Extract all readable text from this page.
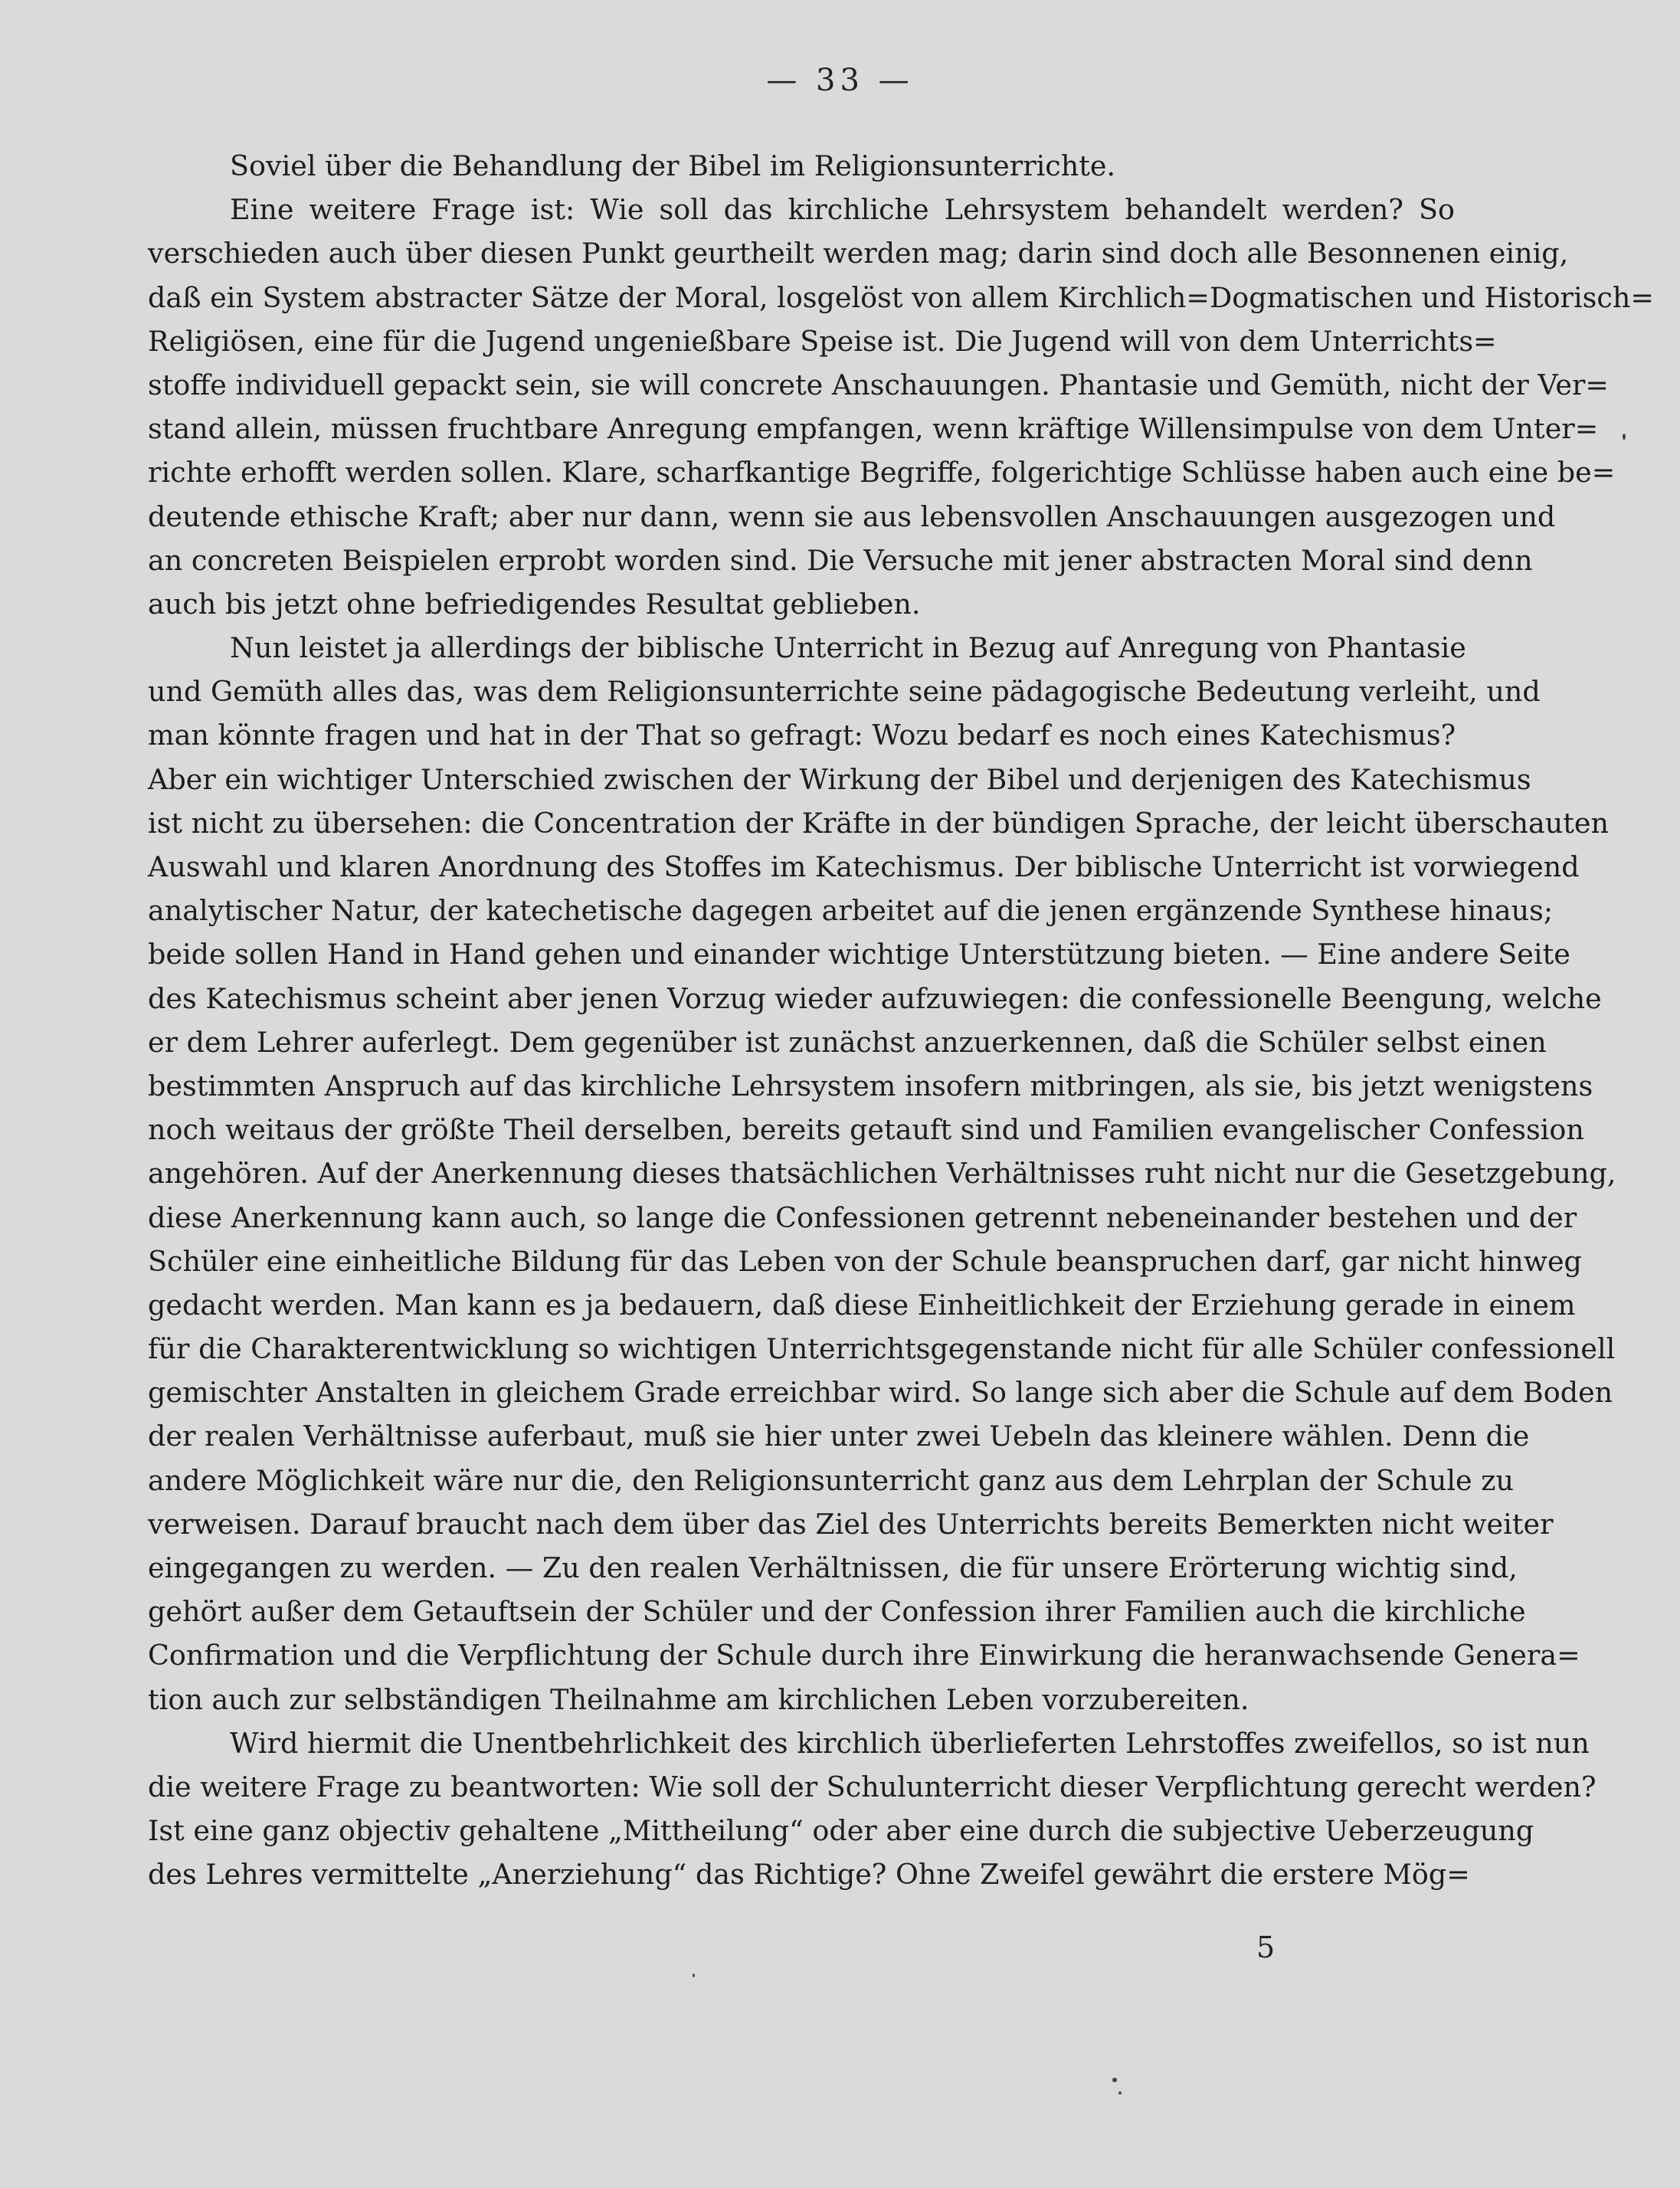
— 33 —
Soviel über die Behandlung der Bibel im Religionsunterrichte.
Eine weitere Frage ist: Wie soll das kirchliche Lehrsystem behandelt werden? So
verschieden auch über diesen Punkt geurtheilt werden mag; darin sind doch alle Besonnenen einig,
daß ein System abstracter Sätze der Moral, losgelöst von allem Kirchlich=Dogmatischen und Historisch=
Religiösen, eine für die Jugend ungenießbare Speise ist. Die Jugend will von dem Unterrichts=
stoffe individuell gepackt sein, sie will concrete Anschauungen. Phantasie und Gemüth, nicht der Ver=
stand allein, müssen fruchtbare Anregung empfangen, wenn kräftige Willensimpulse von dem Unter=
richte erhofft werden sollen. Klare, scharfkantige Begriffe, folgerichtige Schlüsse haben auch eine be=
deutende ethische Kraft; aber nur dann, wenn sie aus lebensvollen Anschauungen ausgezogen und
an concreten Beispielen erprobt worden sind. Die Versuche mit jener abstracten Moral sind denn
auch bis jetzt ohne befriedigendes Resultat geblieben.
Nun leistet ja allerdings der biblische Unterricht in Bezug auf Anregung von Phantasie
und Gemüth alles das, was dem Religionsunterrichte seine pädagogische Bedeutung verleiht, und
man könnte fragen und hat in der That so gefragt: Wozu bedarf es noch eines Katechismus?
Aber ein wichtiger Unterschied zwischen der Wirkung der Bibel und derjenigen des Katechismus
ist nicht zu übersehen: die Concentration der Kräfte in der bündigen Sprache, der leicht überschauten
Auswahl und klaren Anordnung des Stoffes im Katechismus. Der biblische Unterricht ist vorwiegend
analytischer Natur, der katechetische dagegen arbeitet auf die jenen ergänzende Synthese hinaus;
beide sollen Hand in Hand gehen und einander wichtige Unterstützung bieten. — Eine andere Seite
des Katechismus scheint aber jenen Vorzug wieder aufzuwiegen: die confessionelle Beengung, welche
er dem Lehrer auferlegt. Dem gegenüber ist zunächst anzuerkennen, daß die Schüler selbst einen
bestimmten Anspruch auf das kirchliche Lehrsystem insofern mitbringen, als sie, bis jetzt wenigstens
noch weitaus der größte Theil derselben, bereits getauft sind und Familien evangelischer Confession
angehören. Auf der Anerkennung dieses thatsächlichen Verhältnisses ruht nicht nur die Gesetzgebung,
diese Anerkennung kann auch, so lange die Confessionen getrennt nebeneinander bestehen und der
Schüler eine einheitliche Bildung für das Leben von der Schule beanspruchen darf, gar nicht hinweg
gedacht werden. Man kann es ja bedauern, daß diese Einheitlichkeit der Erziehung gerade in einem
für die Charakterentwicklung so wichtigen Unterrichtsgegenstande nicht für alle Schüler confessionell
gemischter Anstalten in gleichem Grade erreichbar wird. So lange sich aber die Schule auf dem Boden
der realen Verhältnisse auferbaut, muß sie hier unter zwei Uebeln das kleinere wählen. Denn die
andere Möglichkeit wäre nur die, den Religionsunterricht ganz aus dem Lehrplan der Schule zu
verweisen. Darauf braucht nach dem über das Ziel des Unterrichts bereits Bemerkten nicht weiter
eingegangen zu werden. — Zu den realen Verhältnissen, die für unsere Erörterung wichtig sind,
gehört außer dem Getauftsein der Schüler und der Confession ihrer Familien auch die kirchliche
Confirmation und die Verpflichtung der Schule durch ihre Einwirkung die heranwachsende Genera=
tion auch zur selbständigen Theilnahme am kirchlichen Leben vorzubereiten.
Wird hiermit die Unentbehrlichkeit des kirchlich überlieferten Lehrstoffes zweifellos, so ist nun
die weitere Frage zu beantworten: Wie soll der Schulunterricht dieser Verpflichtung gerecht werden?
Ist eine ganz objectiv gehaltene „Mittheilung“ oder aber eine durch die subjective Ueberzeugung
des Lehres vermittelte „Anerziehung“ das Richtige? Ohne Zweifel gewährt die erstere Mög=
5
